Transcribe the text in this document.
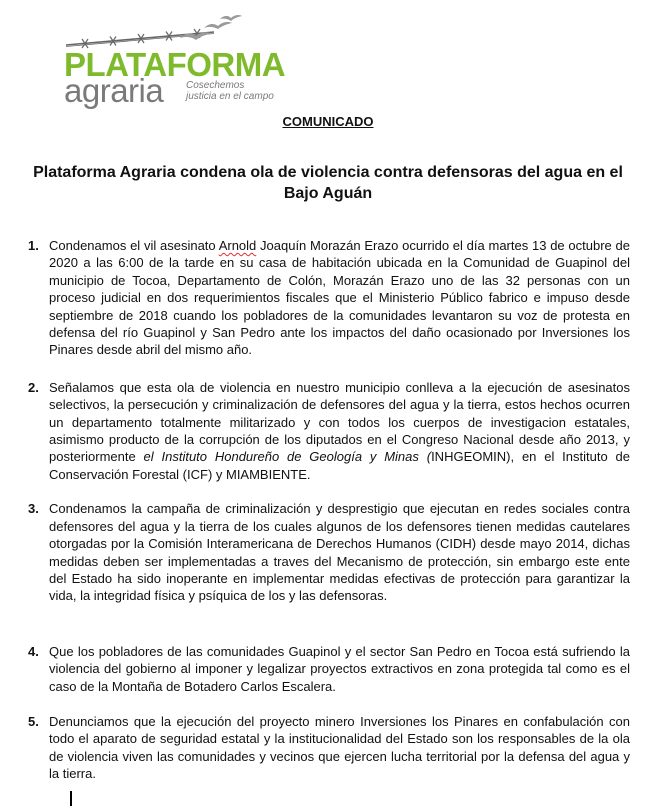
PLATAFORMA
agraria Cosechemos
justicia en el campo
COMUNICADO
Plataforma Agraria condena ola de violencia contra defensoras del agua en el Bajo Aguán
1. Condenamos el vil asesinato Arnold Joaquín Morazán Erazo ocurrido el día martes 13 de octubre de 2020 a las 6:00 de la tarde en su casa de habitación ubicada en la Comunidad de Guapinol del municipio de Tocoa, Departamento de Colón, Morazán Erazo uno de las 32 personas con un proceso judicial en dos requerimientos fiscales que el Ministerio Público fabrico e impuso desde septiembre de 2018 cuando los pobladores de la comunidades levantaron su voz de protesta en defensa del río Guapinol y San Pedro ante los impactos del daño ocasionado por Inversiones los Pinares desde abril del mismo año.
2. Señalamos que esta ola de violencia en nuestro municipio conlleva a la ejecución de asesinatos selectivos, la persecución y criminalización de defensores del agua y la tierra, estos hechos ocurren un departamento totalmente militarizado y con todos los cuerpos de investigacion estatales, asimismo producto de la corrupción de los diputados en el Congreso Nacional desde año 2013, y posteriormente el Instituto Hondureño de Geología y Minas (INHGEOMIN), en el Instituto de Conservación Forestal (ICF) y MIAMBIENTE.
3. Condenamos la campaña de criminalización y desprestigio que ejecutan en redes sociales contra defensores del agua y la tierra de los cuales algunos de los defensores tienen medidas cautelares otorgadas por la Comisión Interamericana de Derechos Humanos (CIDH) desde mayo 2014, dichas medidas deben ser implementadas a traves del Mecanismo de protección, sin embargo este ente del Estado ha sido inoperante en implementar medidas efectivas de protección para garantizar la vida, la integridad física y psíquica de los y las defensoras.
4. Que los pobladores de las comunidades Guapinol y el sector San Pedro en Tocoa está sufriendo la violencia del gobierno al imponer y legalizar proyectos extractivos en zona protegida tal como es el caso de la Montaña de Botadero Carlos Escalera.
5. Denunciamos que la ejecución del proyecto minero Inversiones los Pinares en confabulación con todo el aparato de seguridad estatal y la institucionalidad del Estado son los responsables de la ola de violencia viven las comunidades y vecinos que ejercen lucha territorial por la defensa del agua y la tierra.
